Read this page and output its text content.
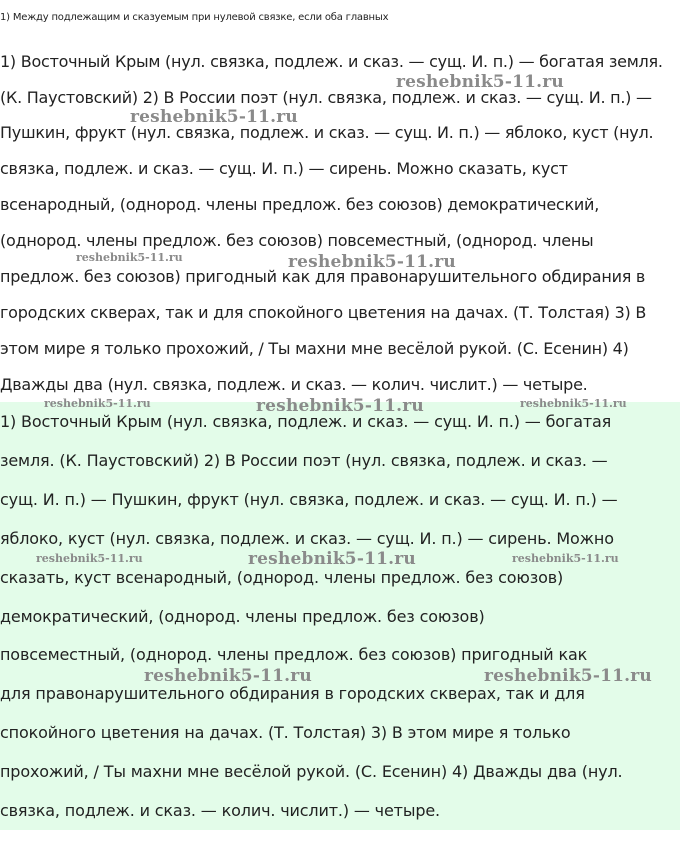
1) Между подлежащим и сказуемым при нулевой связке, если оба главных
1) Восточный Крым (нул. связка, подлеж. и сказ. — сущ. И. п.) — богатая земля.
(К. Паустовский) 2) В России поэт (нул. связка, подлеж. и сказ. — сущ. И. п.) —
Пушкин, фрукт (нул. связка, подлеж. и сказ. — сущ. И. п.) — яблоко, куст (нул.
связка, подлеж. и сказ. — сущ. И. п.) — сирень. Можно сказать, куст
всенародный, (однород. члены предлож. без союзов) демократический,
(однород. члены предлож. без союзов) повсеместный, (однород. члены
предлож. без союзов) пригодный как для правонарушительного обдирания в
городских скверах, так и для спокойного цветения на дачах. (Т. Толстая) 3) В
этом мире я только прохожий, / Ты махни мне весёлой рукой. (С. Есенин) 4)
Дважды два (нул. связка, подлеж. и сказ. — колич. числит.) — четыре.
1) Восточный Крым (нул. связка, подлеж. и сказ. — сущ. И. п.) — богатая
земля. (К. Паустовский) 2) В России поэт (нул. связка, подлеж. и сказ. —
сущ. И. п.) — Пушкин, фрукт (нул. связка, подлеж. и сказ. — сущ. И. п.) —
яблоко, куст (нул. связка, подлеж. и сказ. — сущ. И. п.) — сирень. Можно
сказать, куст всенародный, (однород. члены предлож. без союзов)
демократический, (однород. члены предлож. без союзов)
повсеместный, (однород. члены предлож. без союзов) пригодный как
для правонарушительного обдирания в городских скверах, так и для
спокойного цветения на дачах. (Т. Толстая) 3) В этом мире я только
прохожий, / Ты махни мне весёлой рукой. (С. Есенин) 4) Дважды два (нул.
связка, подлеж. и сказ. — колич. числит.) — четыре.
reshebnik5-11.ru
reshebnik5-11.ru
reshebnik5-11.ru	reshebnik5-11.ru
reshebnik5-11.ru	reshebnik5-11.ru	reshebnik5-11.ru
reshebnik5-11.ru	reshebnik5-11.ru	reshebnik5-11.ru
reshebnik5-11.ru	reshebnik5-11.ru
